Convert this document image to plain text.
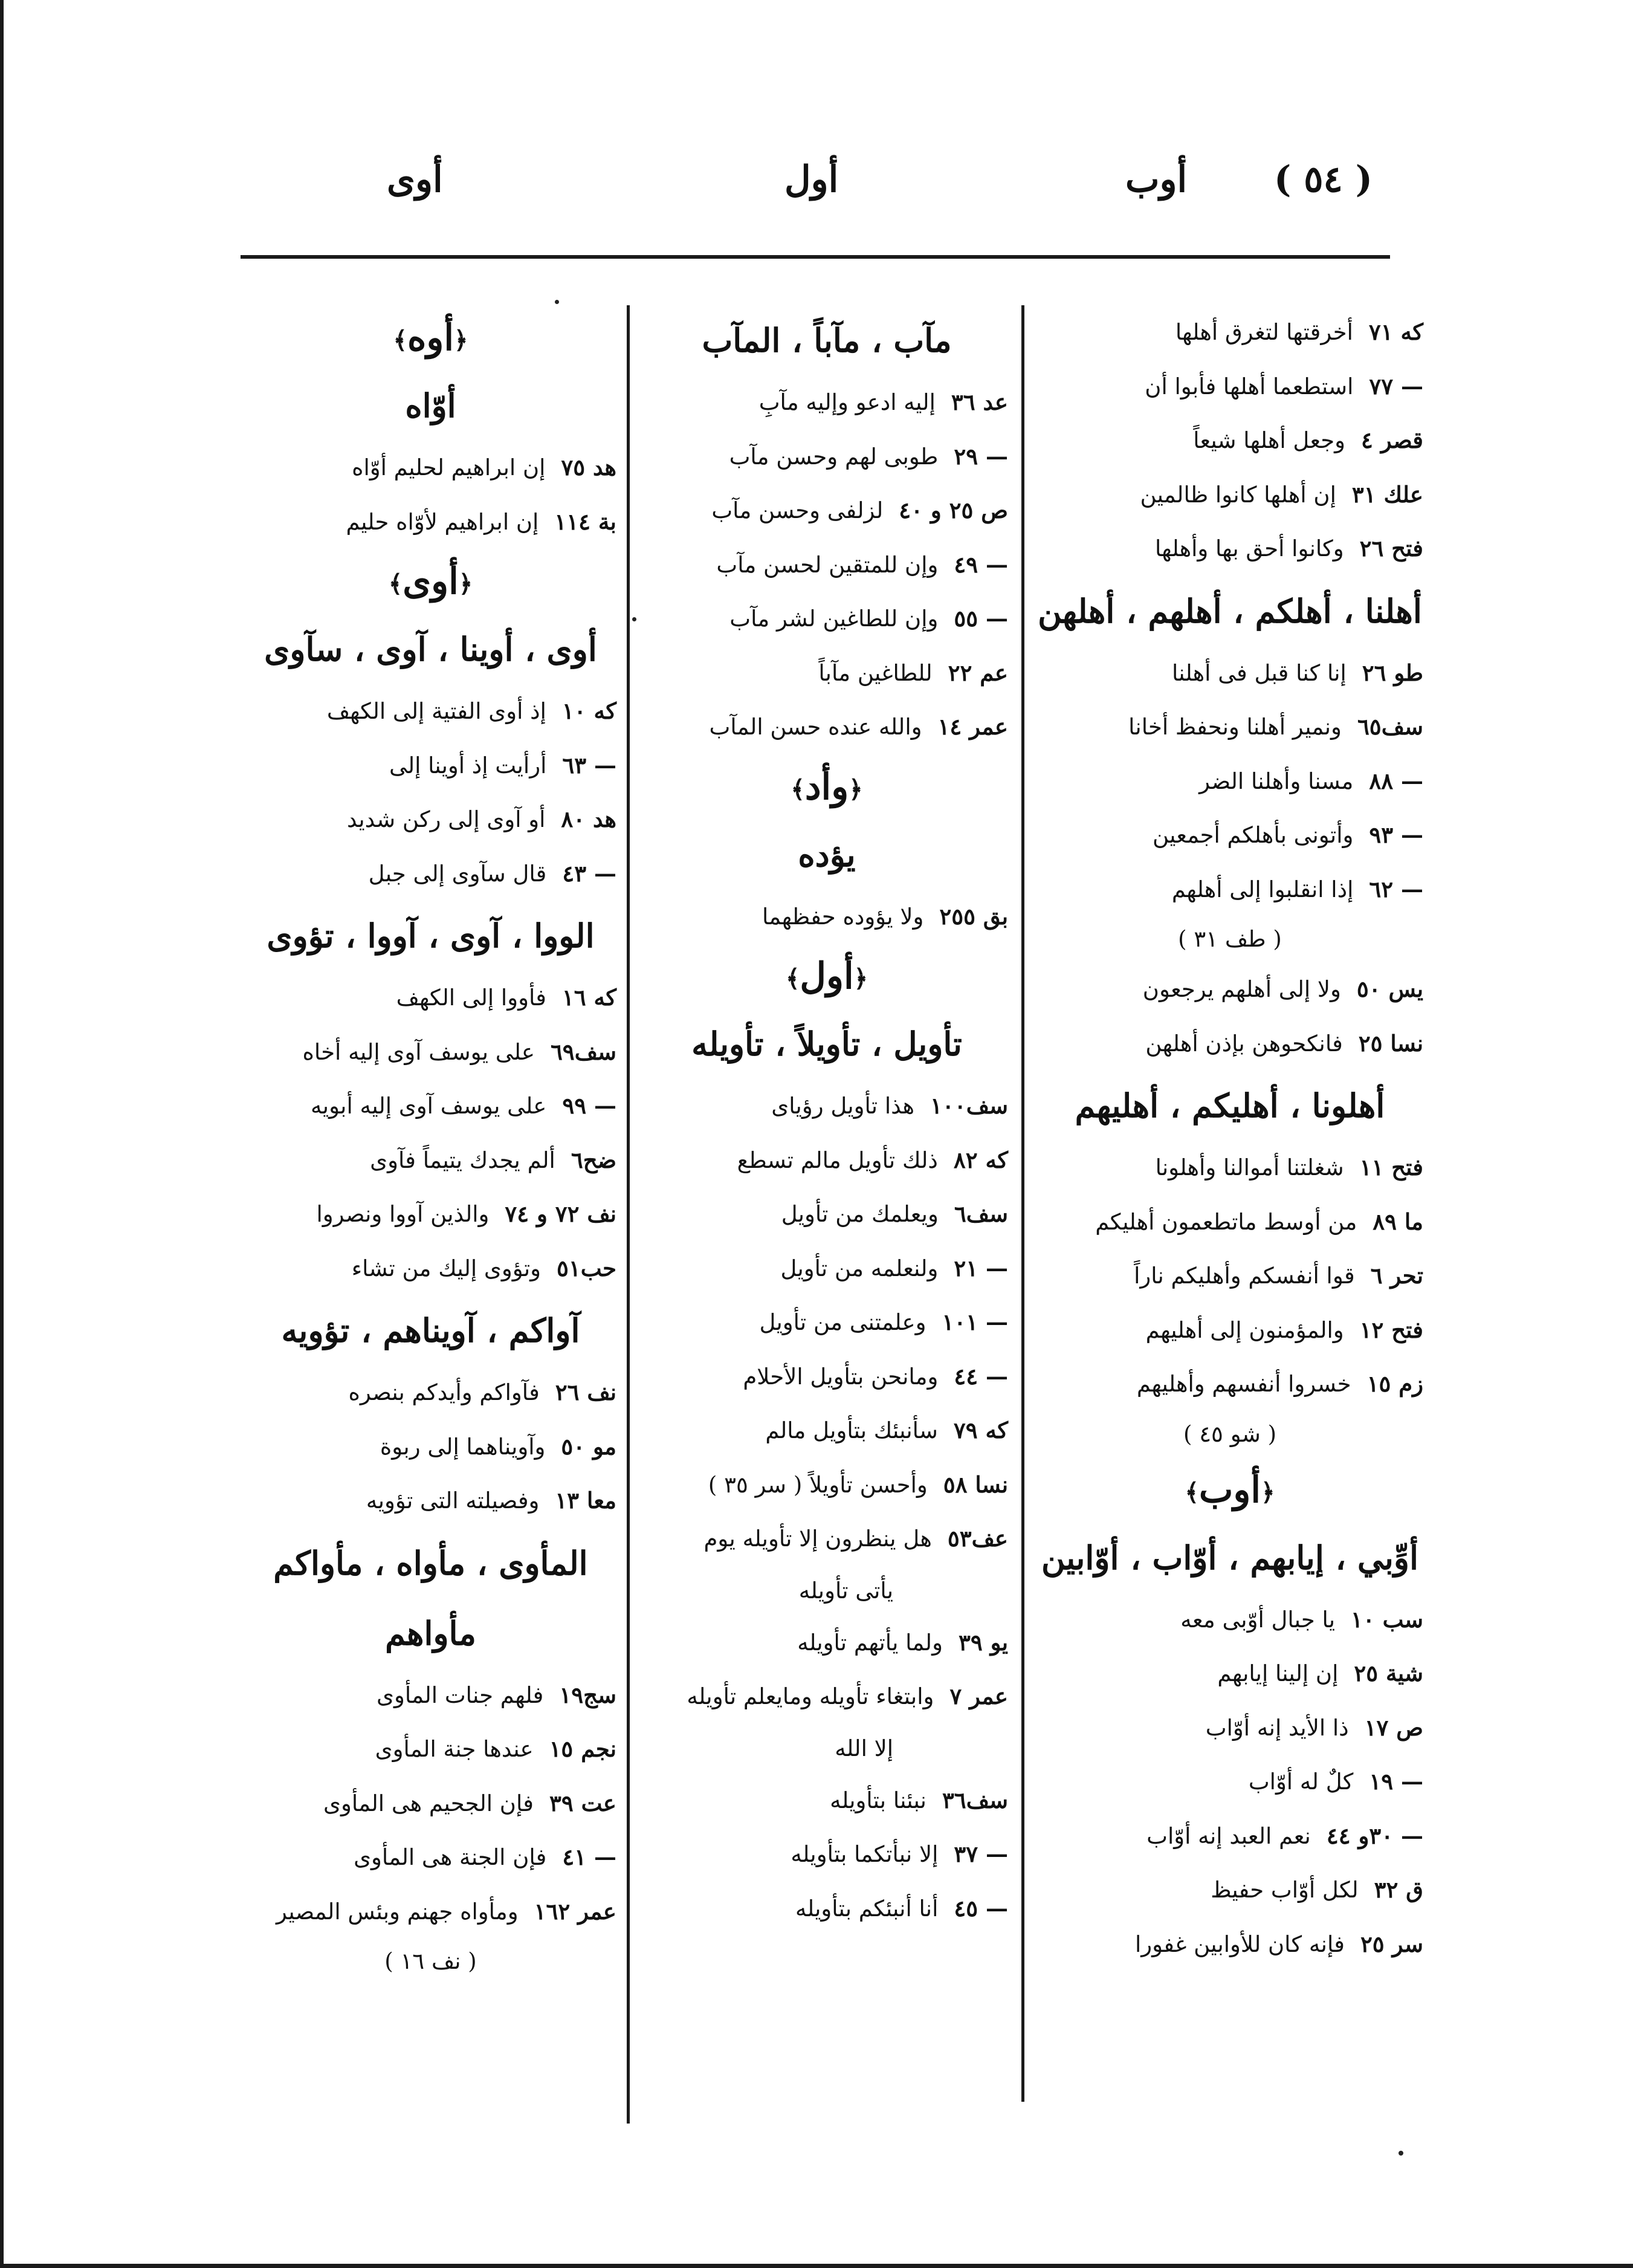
( ٥٤ )
أوب
أول
أوى
كه ٧١
أخرقتها لتغرق أهلها
— ٧٧
استطعما أهلها فأبوا أن
قصر ٤
وجعل أهلها شيعاً
علك ٣١
إن أهلها كانوا ظالمين
فتح ٢٦
وكانوا أحق بها وأهلها
أهلنا ، أهلكم ، أهلهم ، أهلهن
طو ٢٦
إنا كنا قبل فى أهلنا
سف٦٥
ونمير أهلنا ونحفظ أخانا
— ٨٨
مسنا وأهلنا الضر
— ٩٣
وأتونى بأهلكم أجمعين
— ٦٢
إذا انقلبوا إلى أهلهم
( طف ٣١ )
يس ٥٠
ولا إلى أهلهم يرجعون
نسا ٢٥
فانكحوهن بإذن أهلهن
أهلونا ، أهليكم ، أهليهم
فتح ١١
شغلتنا أموالنا وأهلونا
ما ٨٩
من أوسط ماتطعمون أهليكم
تحر ٦
قوا أنفسكم وأهليكم ناراً
فتح ١٢
والمؤمنون إلى أهليهم
زم ١٥
خسروا أنفسهم وأهليهم
( شو ٤٥ )
﴿أوب﴾
أوِّبي ، إيابهم ، أوّاب ، أوّابين
سب ١٠
يا جبال أوّبى معه
شية ٢٥
إن إلينا إيابهم
ص ١٧
ذا الأيد إنه أوّاب
— ١٩
كلٌ له أوّاب
— ٣٠و ٤٤
نعم العبد إنه أوّاب
ق ٣٢
لكل أوّاب حفيظ
سر ٢٥
فإنه كان للأوابين غفورا
مآب ، مآباً ، المآب
عد ٣٦
إليه ادعو وإليه مآبِ
— ٢٩
طوبى لهم وحسن مآب
ص ٢٥ و ٤٠
لزلفى وحسن مآب
— ٤٩
وإن للمتقين لحسن مآب
— ٥٥
وإن للطاغين لشر مآب
عم ٢٢
للطاغين مآباً
عمر ١٤
والله عنده حسن المآب
﴿وأد﴾
يؤده
بق ٢٥٥
ولا يؤوده حفظهما
﴿أول﴾
تأويل ، تأويلاً ، تأويله
سف١٠٠
هذا تأويل رؤياى
كه ٨٢
ذلك تأويل مالم تسطع
سف٦
ويعلمك من تأويل
— ٢١
ولنعلمه من تأويل
— ١٠١
وعلمتنى من تأويل
— ٤٤
ومانحن بتأويل الأحلام
كه ٧٩
سأنبئك بتأويل مالم
نسا ٥٨
وأحسن تأويلاً ( سر ٣٥ )
عف٥٣
هل ينظرون إلا تأويله يوم
يأتى تأويله
يو ٣٩
ولما يأتهم تأويله
عمر ٧
وابتغاء تأويله ومايعلم تأويله
إلا الله
سف٣٦
نبئنا بتأويله
— ٣٧
إلا نبأتكما بتأويله
— ٤٥
أنا أنبئكم بتأويله
﴿أوه﴾
أوّاه
هد ٧٥
إن ابراهيم لحليم أوّاه
بة ١١٤
إن ابراهيم لأوّاه حليم
﴿أوى﴾
أوى ، أوينا ، آوى ، سآوى
كه ١٠
إذ أوى الفتية إلى الكهف
— ٦٣
أرأيت إذ أوينا إلى
هد ٨٠
أو آوى إلى ركن شديد
— ٤٣
قال سآوى إلى جبل
الووا ، آوى ، آووا ، تؤوى
كه ١٦
فأووا إلى الكهف
سف٦٩
على يوسف آوى إليه أخاه
— ٩٩
على يوسف آوى إليه أبويه
ضح٦
ألم يجدك يتيماً فآوى
نف ٧٢ و ٧٤
والذين آووا ونصروا
حب٥١
وتؤوى إليك من تشاء
آواكم ، آويناهم ، تؤويه
نف ٢٦
فآواكم وأيدكم بنصره
مو ٥٠
وآويناهما إلى ربوة
معا ١٣
وفصيلته التى تؤويه
المأوى ، مأواه ، مأواكم
مأواهم
سج١٩
فلهم جنات المأوى
نجم ١٥
عندها جنة المأوى
عت ٣٩
فإن الجحيم هى المأوى
— ٤١
فإن الجنة هى المأوى
عمر ١٦٢
ومأواه جهنم وبئس المصير
( نف ١٦ )
